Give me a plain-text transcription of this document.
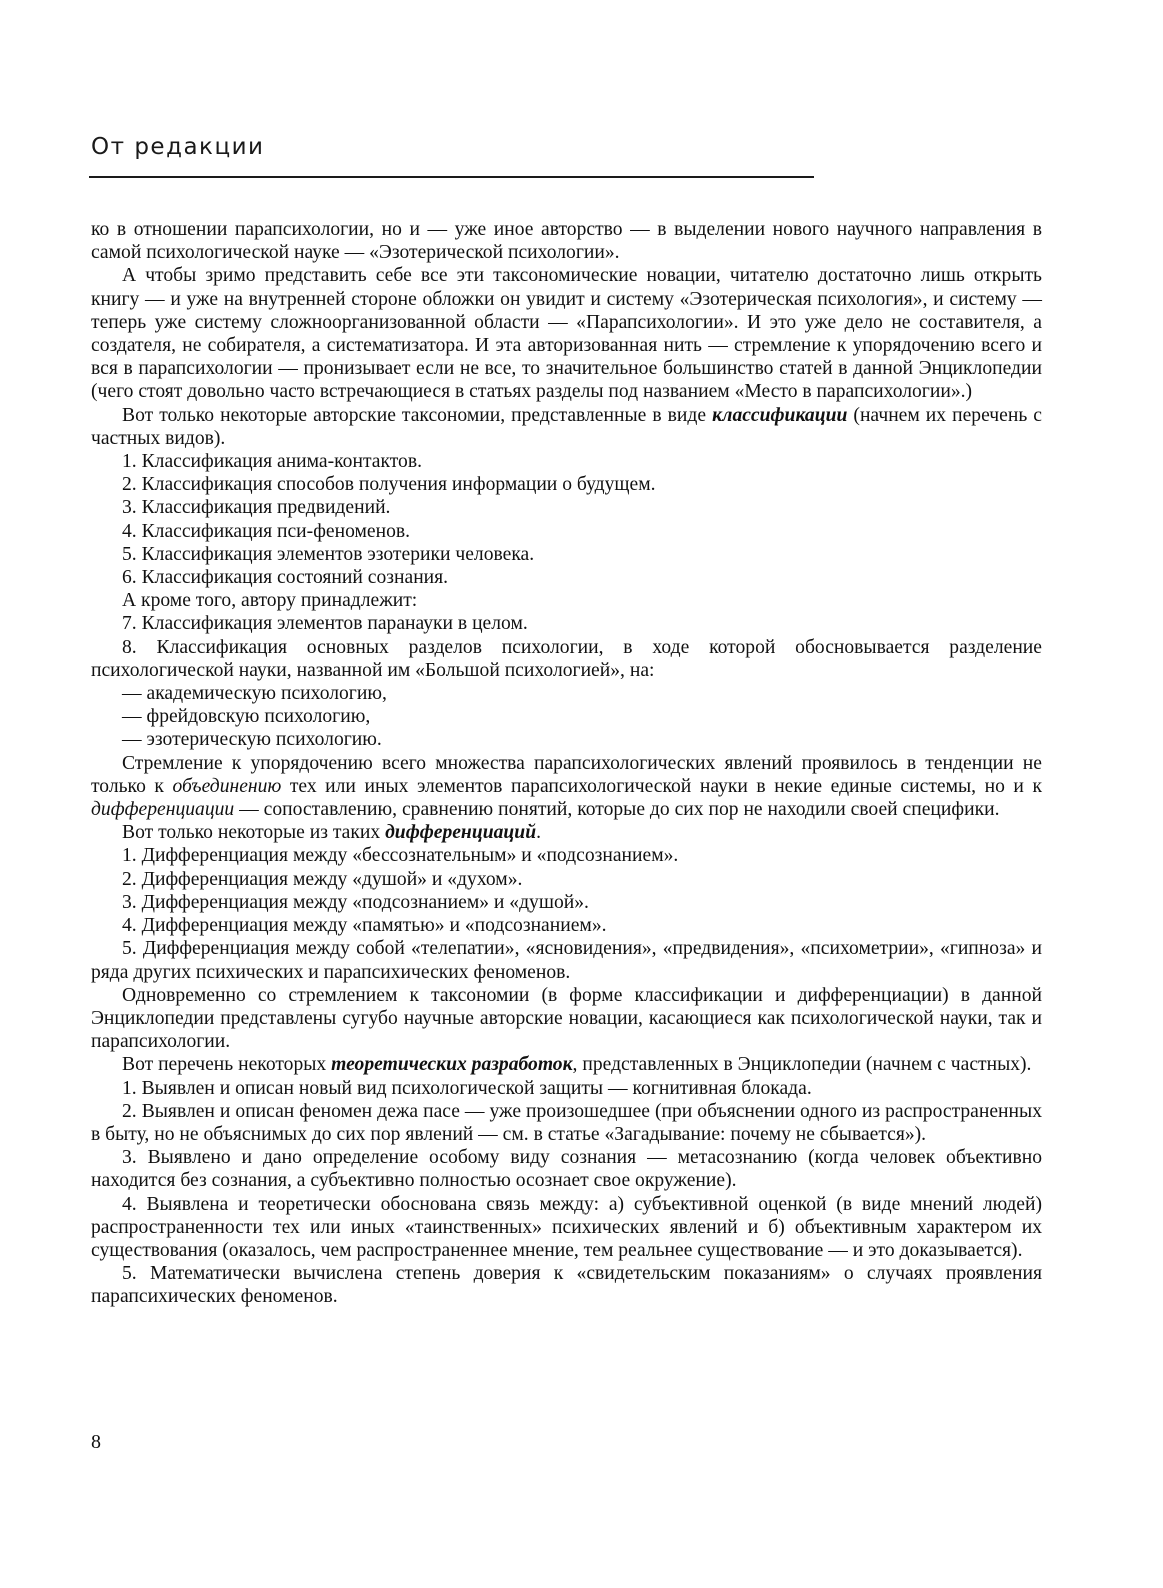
От редакции

ко в отношении парапсихологии, но и — уже иное авторство — в выделении нового научного направления в самой психологической науке — «Эзотерической психологии».

А чтобы зримо представить себе все эти таксономические новации, читателю достаточно лишь открыть книгу — и уже на внутренней стороне обложки он увидит и систему «Эзотерическая психология», и систему — теперь уже систему сложноорганизованной области — «Парапсихологии». И это уже дело не составителя, а создателя, не собирателя, а систематизатора. И эта авторизованная нить — стремление к упорядочению всего и вся в парапсихологии — пронизывает если не все, то значительное большинство статей в данной Энциклопедии (чего стоят довольно часто встречающиеся в статьях разделы под названием «Место в парапсихологии».)

Вот только некоторые авторские таксономии, представленные в виде классификации (начнем их перечень с частных видов).

1. Классификация анима-контактов.

2. Классификация способов получения информации о будущем.

3. Классификация предвидений.

4. Классификация пси-феноменов.

5. Классификация элементов эзотерики человека.

6. Классификация состояний сознания.

А кроме того, автору принадлежит:

7. Классификация элементов паранауки в целом.

8. Классификация основных разделов психологии, в ходе которой обосновывается разделение психологической науки, названной им «Большой психологией», на:

— академическую психологию,

— фрейдовскую психологию,

— эзотерическую психологию.

Стремление к упорядочению всего множества парапсихологических явлений проявилось в тенденции не только к объединению тех или иных элементов парапсихологической науки в некие единые системы, но и к дифференциации — сопоставлению, сравнению понятий, которые до сих пор не находили своей специфики.

Вот только некоторые из таких дифференциаций.

1. Дифференциация между «бессознательным» и «подсознанием».

2. Дифференциация между «душой» и «духом».

3. Дифференциация между «подсознанием» и «душой».

4. Дифференциация между «памятью» и «подсознанием».

5. Дифференциация между собой «телепатии», «ясновидения», «предвидения», «психометрии», «гипноза» и ряда других психических и парапсихических феноменов.

Одновременно со стремлением к таксономии (в форме классификации и дифференциации) в данной Энциклопедии представлены сугубо научные авторские новации, касающиеся как психологической науки, так и парапсихологии.

Вот перечень некоторых теоретических разработок, представленных в Энциклопедии (начнем с частных).

1. Выявлен и описан новый вид психологической защиты — когнитивная блокада.

2. Выявлен и описан феномен дежа пасе — уже произошедшее (при объяснении одного из распространенных в быту, но не объяснимых до сих пор явлений — см. в статье «Загадывание: почему не сбывается»).

3. Выявлено и дано определение особому виду сознания — метасознанию (когда человек объективно находится без сознания, а субъективно полностью осознает свое окружение).

4. Выявлена и теоретически обоснована связь между: а) субъективной оценкой (в виде мнений людей) распространенности тех или иных «таинственных» психических явлений и б) объективным характером их существования (оказалось, чем распространеннее мнение, тем реальнее существование — и это доказывается).

5. Математически вычислена степень доверия к «свидетельским показаниям» о случаях проявления парапсихических феноменов.

8
